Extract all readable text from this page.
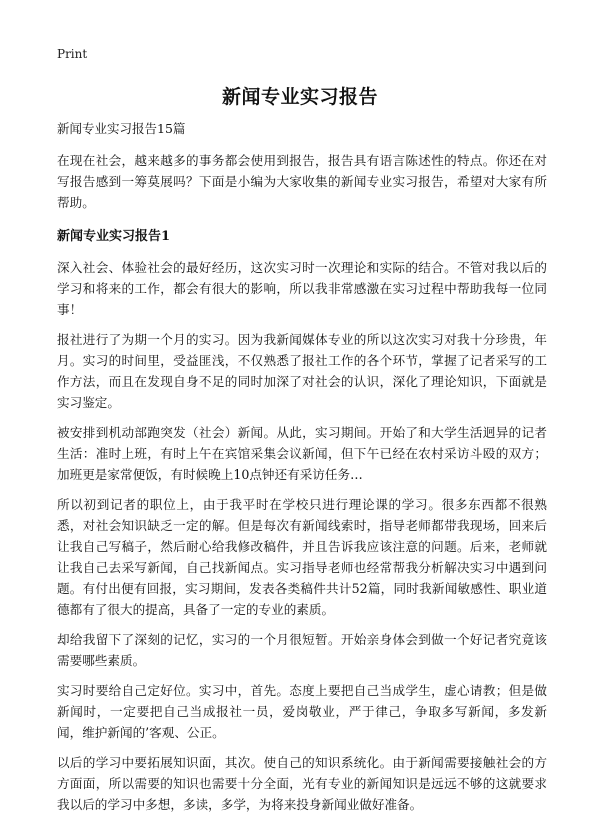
Print
新闻专业实习报告
新闻专业实习报告15篇

在现在社会，越来越多的事务都会使用到报告，报告具有语言陈述性的特点。你还在对写报告感到一筹莫展吗？下面是小编为大家收集的新闻专业实习报告，希望对大家有所帮助。

新闻专业实习报告1

深入社会、体验社会的最好经历，这次实习时一次理论和实际的结合。不管对我以后的学习和将来的工作，都会有很大的影响，所以我非常感激在实习过程中帮助我每一位同事！

报社进行了为期一个月的实习。因为我新闻媒体专业的所以这次实习对我十分珍贵，年月。实习的时间里，受益匪浅，不仅熟悉了报社工作的各个环节，掌握了记者采写的工作方法，而且在发现自身不足的同时加深了对社会的认识，深化了理论知识，下面就是实习鉴定。

被安排到机动部跑突发（社会）新闻。从此，实习期间。开始了和大学生活迥异的记者生活：准时上班，有时上午在宾馆采集会议新闻，但下午已经在农村采访斗殴的双方；加班更是家常便饭，有时候晚上10点钟还有采访任务…

所以初到记者的职位上，由于我平时在学校只进行理论课的学习。很多东西都不很熟悉，对社会知识缺乏一定的解。但是每次有新闻线索时，指导老师都带我现场，回来后让我自己写稿子，然后耐心给我修改稿件，并且告诉我应该注意的问题。后来，老师就让我自己去采写新闻，自己找新闻点。实习指导老师也经常帮我分析解决实习中遇到问题。有付出便有回报，实习期间，发表各类稿件共计52篇，同时我新闻敏感性、职业道德都有了很大的提高，具备了一定的专业的素质。

却给我留下了深刻的记忆，实习的一个月很短暂。开始亲身体会到做一个好记者究竟该需要哪些素质。

实习时要给自己定好位。实习中，首先。态度上要把自己当成学生，虚心请教；但是做新闻时，一定要把自己当成报社一员，爱岗敬业，严于律己，争取多写新闻，多发新闻，维护新闻的’客观、公正。

以后的学习中要拓展知识面，其次。使自己的知识系统化。由于新闻需要接触社会的方方面面，所以需要的知识也需要十分全面，光有专业的新闻知识是远远不够的这就要求我以后的学习中多想，多读，多学，为将来投身新闻业做好准备。
